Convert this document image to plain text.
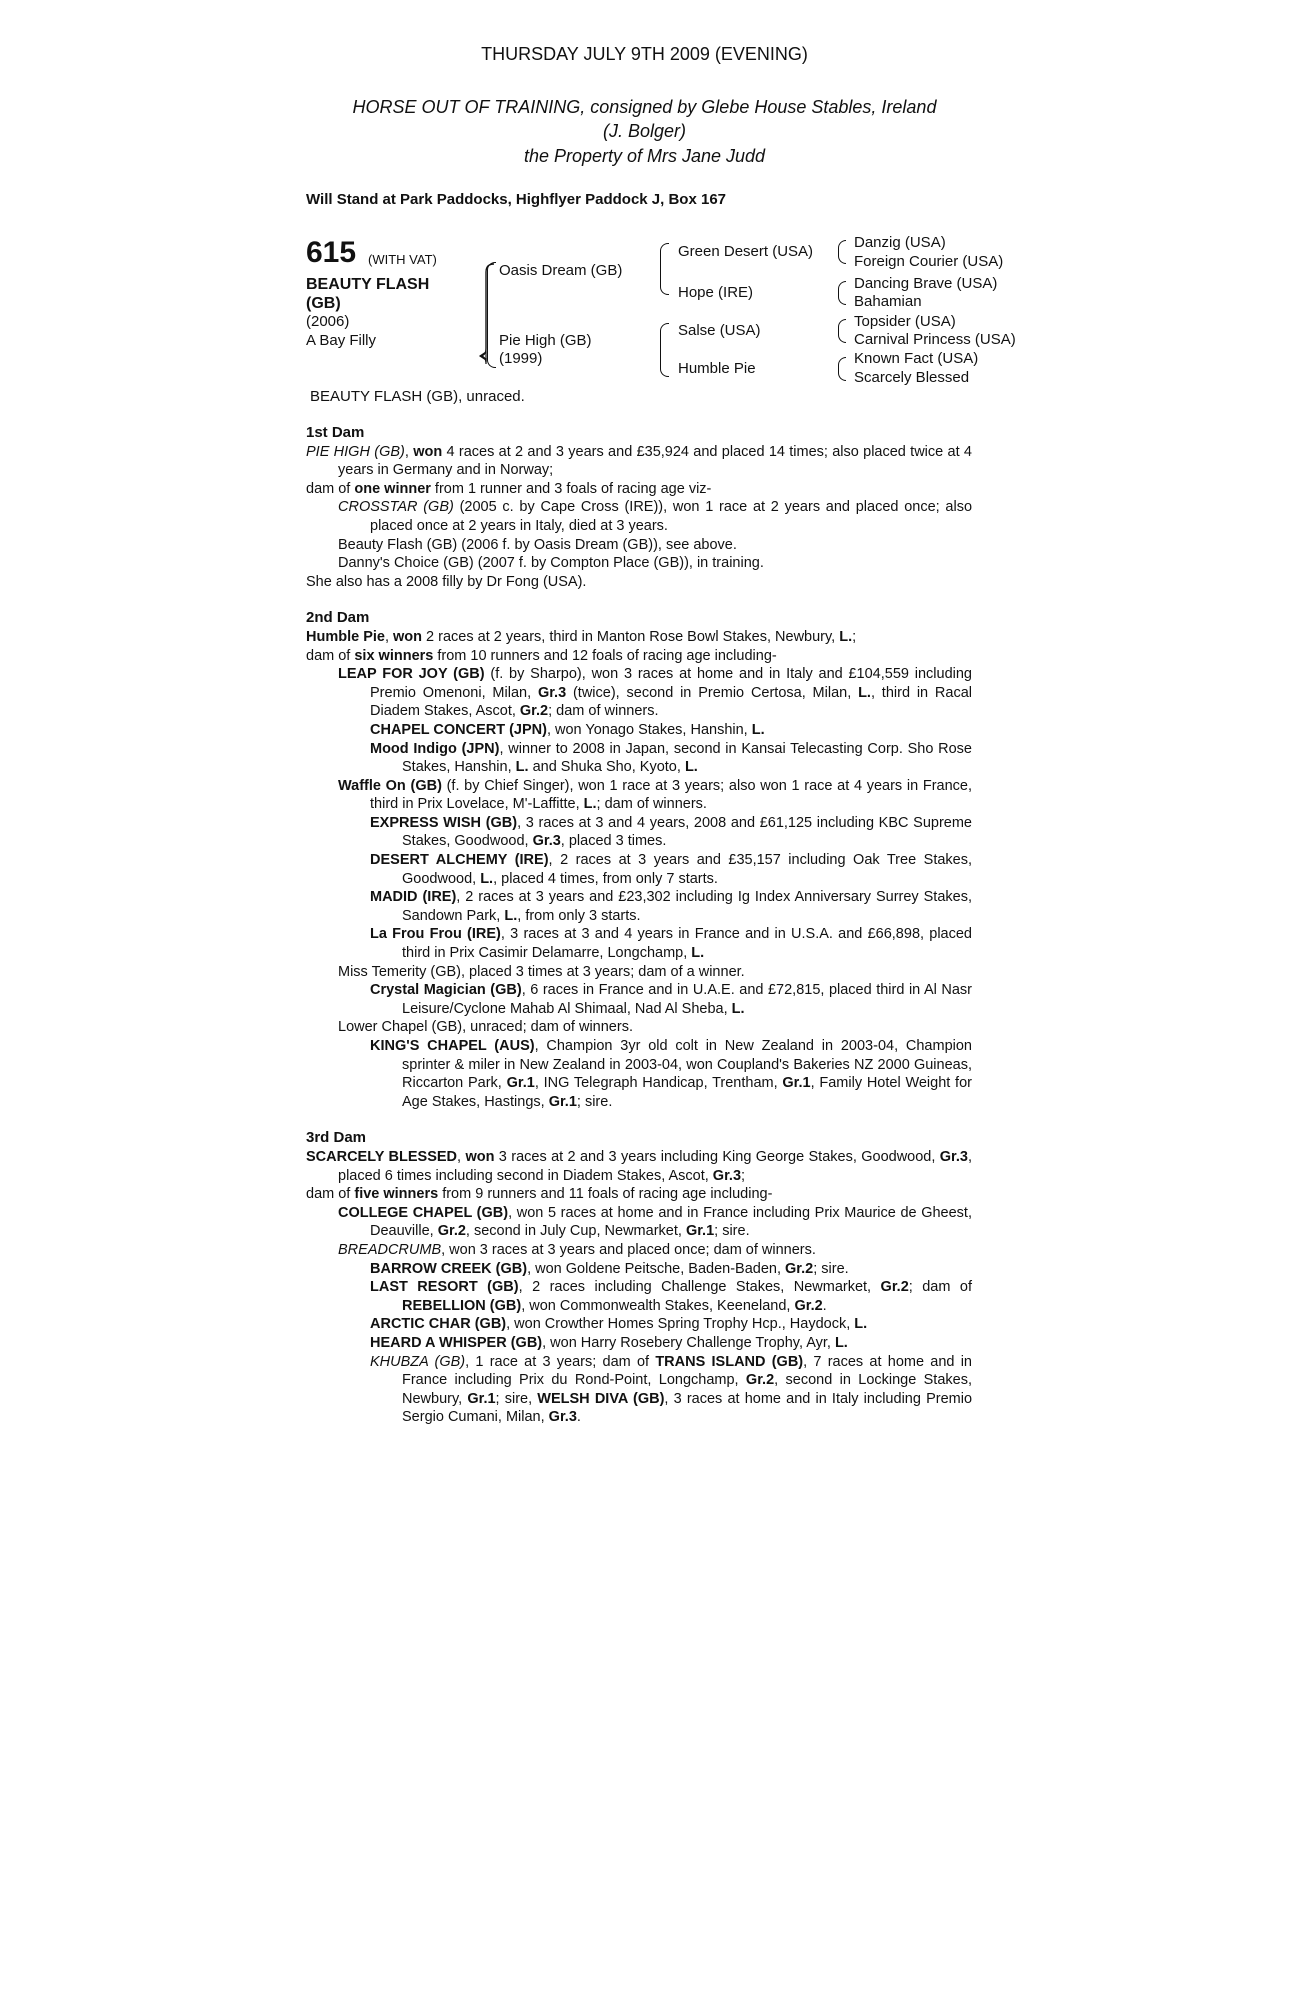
THURSDAY JULY 9TH 2009 (EVENING)
HORSE OUT OF TRAINING, consigned by Glebe House Stables, Ireland
(J. Bolger)
the Property of Mrs Jane Judd
Will Stand at Park Paddocks, Highflyer Paddock J, Box 167
615 (WITH VAT)
BEAUTY FLASH
(GB)
(2006)
A Bay Filly
Oasis Dream (GB)
Pie High (GB)
(1999)
Green Desert (USA)
Hope (IRE)
Salse (USA)
Humble Pie
Danzig (USA)
Foreign Courier (USA)
Dancing Brave (USA)
Bahamian
Topsider (USA)
Carnival Princess (USA)
Known Fact (USA)
Scarcely Blessed
BEAUTY FLASH (GB), unraced.
1st Dam

PIE HIGH (GB), won 4 races at 2 and 3 years and £35,924 and placed 14 times; also placed twice at 4 years in Germany and in Norway;

dam of one winner from 1 runner and 3 foals of racing age viz-

CROSSTAR (GB) (2005 c. by Cape Cross (IRE)), won 1 race at 2 years and placed once; also placed once at 2 years in Italy, died at 3 years.

Beauty Flash (GB) (2006 f. by Oasis Dream (GB)), see above.

Danny's Choice (GB) (2007 f. by Compton Place (GB)), in training.

She also has a 2008 filly by Dr Fong (USA).

2nd Dam

Humble Pie, won 2 races at 2 years, third in Manton Rose Bowl Stakes, Newbury, L.;

dam of six winners from 10 runners and 12 foals of racing age including-

LEAP FOR JOY (GB) (f. by Sharpo), won 3 races at home and in Italy and £104,559 including Premio Omenoni, Milan, Gr.3 (twice), second in Premio Certosa, Milan, L., third in Racal Diadem Stakes, Ascot, Gr.2; dam of winners.

CHAPEL CONCERT (JPN), won Yonago Stakes, Hanshin, L.

Mood Indigo (JPN), winner to 2008 in Japan, second in Kansai Telecasting Corp. Sho Rose Stakes, Hanshin, L. and Shuka Sho, Kyoto, L.

Waffle On (GB) (f. by Chief Singer), won 1 race at 3 years; also won 1 race at 4 years in France, third in Prix Lovelace, M'-Laffitte, L.; dam of winners.

EXPRESS WISH (GB), 3 races at 3 and 4 years, 2008 and £61,125 including KBC Supreme Stakes, Goodwood, Gr.3, placed 3 times.

DESERT ALCHEMY (IRE), 2 races at 3 years and £35,157 including Oak Tree Stakes, Goodwood, L., placed 4 times, from only 7 starts.

MADID (IRE), 2 races at 3 years and £23,302 including Ig Index Anniversary Surrey Stakes, Sandown Park, L., from only 3 starts.

La Frou Frou (IRE), 3 races at 3 and 4 years in France and in U.S.A. and £66,898, placed third in Prix Casimir Delamarre, Longchamp, L.

Miss Temerity (GB), placed 3 times at 3 years; dam of a winner.

Crystal Magician (GB), 6 races in France and in U.A.E. and £72,815, placed third in Al Nasr Leisure/Cyclone Mahab Al Shimaal, Nad Al Sheba, L.

Lower Chapel (GB), unraced; dam of winners.

KING'S CHAPEL (AUS), Champion 3yr old colt in New Zealand in 2003-04, Champion sprinter & miler in New Zealand in 2003-04, won Coupland's Bakeries NZ 2000 Guineas, Riccarton Park, Gr.1, ING Telegraph Handicap, Trentham, Gr.1, Family Hotel Weight for Age Stakes, Hastings, Gr.1; sire.

3rd Dam

SCARCELY BLESSED, won 3 races at 2 and 3 years including King George Stakes, Goodwood, Gr.3, placed 6 times including second in Diadem Stakes, Ascot, Gr.3;

dam of five winners from 9 runners and 11 foals of racing age including-

COLLEGE CHAPEL (GB), won 5 races at home and in France including Prix Maurice de Gheest, Deauville, Gr.2, second in July Cup, Newmarket, Gr.1; sire.

BREADCRUMB, won 3 races at 3 years and placed once; dam of winners.

BARROW CREEK (GB), won Goldene Peitsche, Baden-Baden, Gr.2; sire.

LAST RESORT (GB), 2 races including Challenge Stakes, Newmarket, Gr.2; dam of REBELLION (GB), won Commonwealth Stakes, Keeneland, Gr.2.

ARCTIC CHAR (GB), won Crowther Homes Spring Trophy Hcp., Haydock, L.

HEARD A WHISPER (GB), won Harry Rosebery Challenge Trophy, Ayr, L.

KHUBZA (GB), 1 race at 3 years; dam of TRANS ISLAND (GB), 7 races at home and in France including Prix du Rond-Point, Longchamp, Gr.2, second in Lockinge Stakes, Newbury, Gr.1; sire, WELSH DIVA (GB), 3 races at home and in Italy including Premio Sergio Cumani, Milan, Gr.3.
